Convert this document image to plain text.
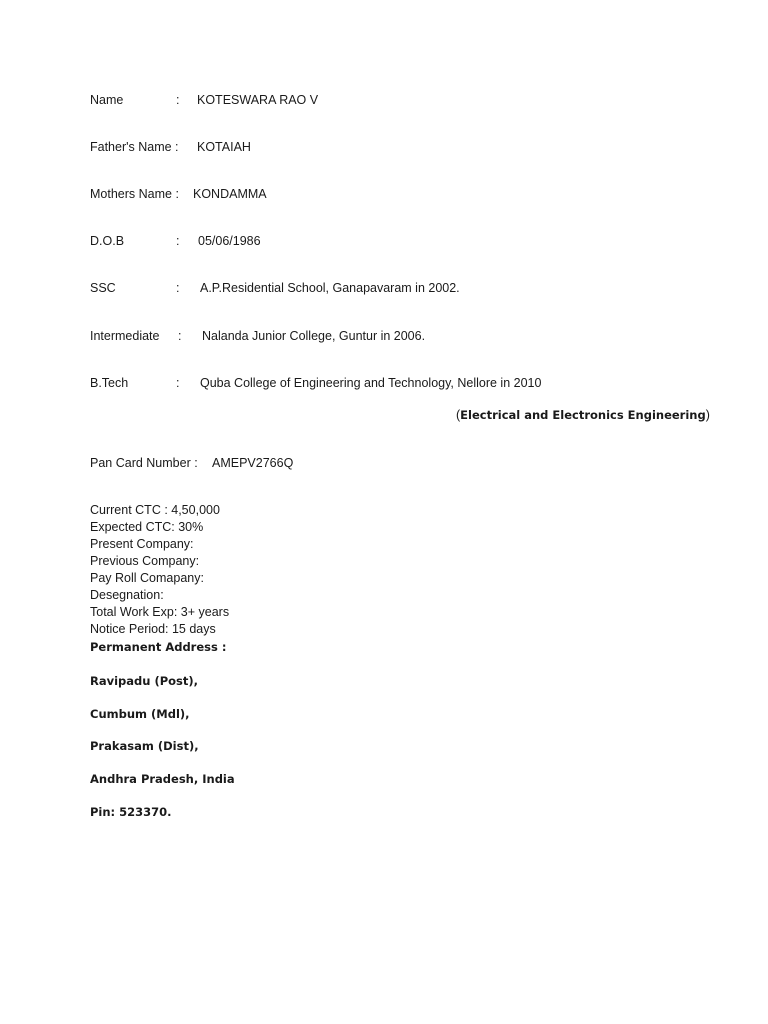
Name	: KOTESWARA RAO V
Father's Name : KOTAIAH
Mothers Name : KONDAMMA
D.O.B	: 05/06/1986
SSC	: A.P.Residential School, Ganapavaram in 2002.
Intermediate : Nalanda Junior College, Guntur in 2006.
B.Tech	: Quba College of Engineering and Technology, Nellore in 2010
(Electrical and Electronics Engineering)
Pan Card Number : AMEPV2766Q
Current CTC : 4,50,000
Expected CTC: 30%
Present Company:
Previous Company:
Pay Roll Comapany:
Desegnation:
Total Work Exp: 3+ years
Notice Period: 15 days
Permanent Address :
Ravipadu (Post),
Cumbum (Mdl),
Prakasam (Dist),
Andhra Pradesh, India
Pin: 523370.
